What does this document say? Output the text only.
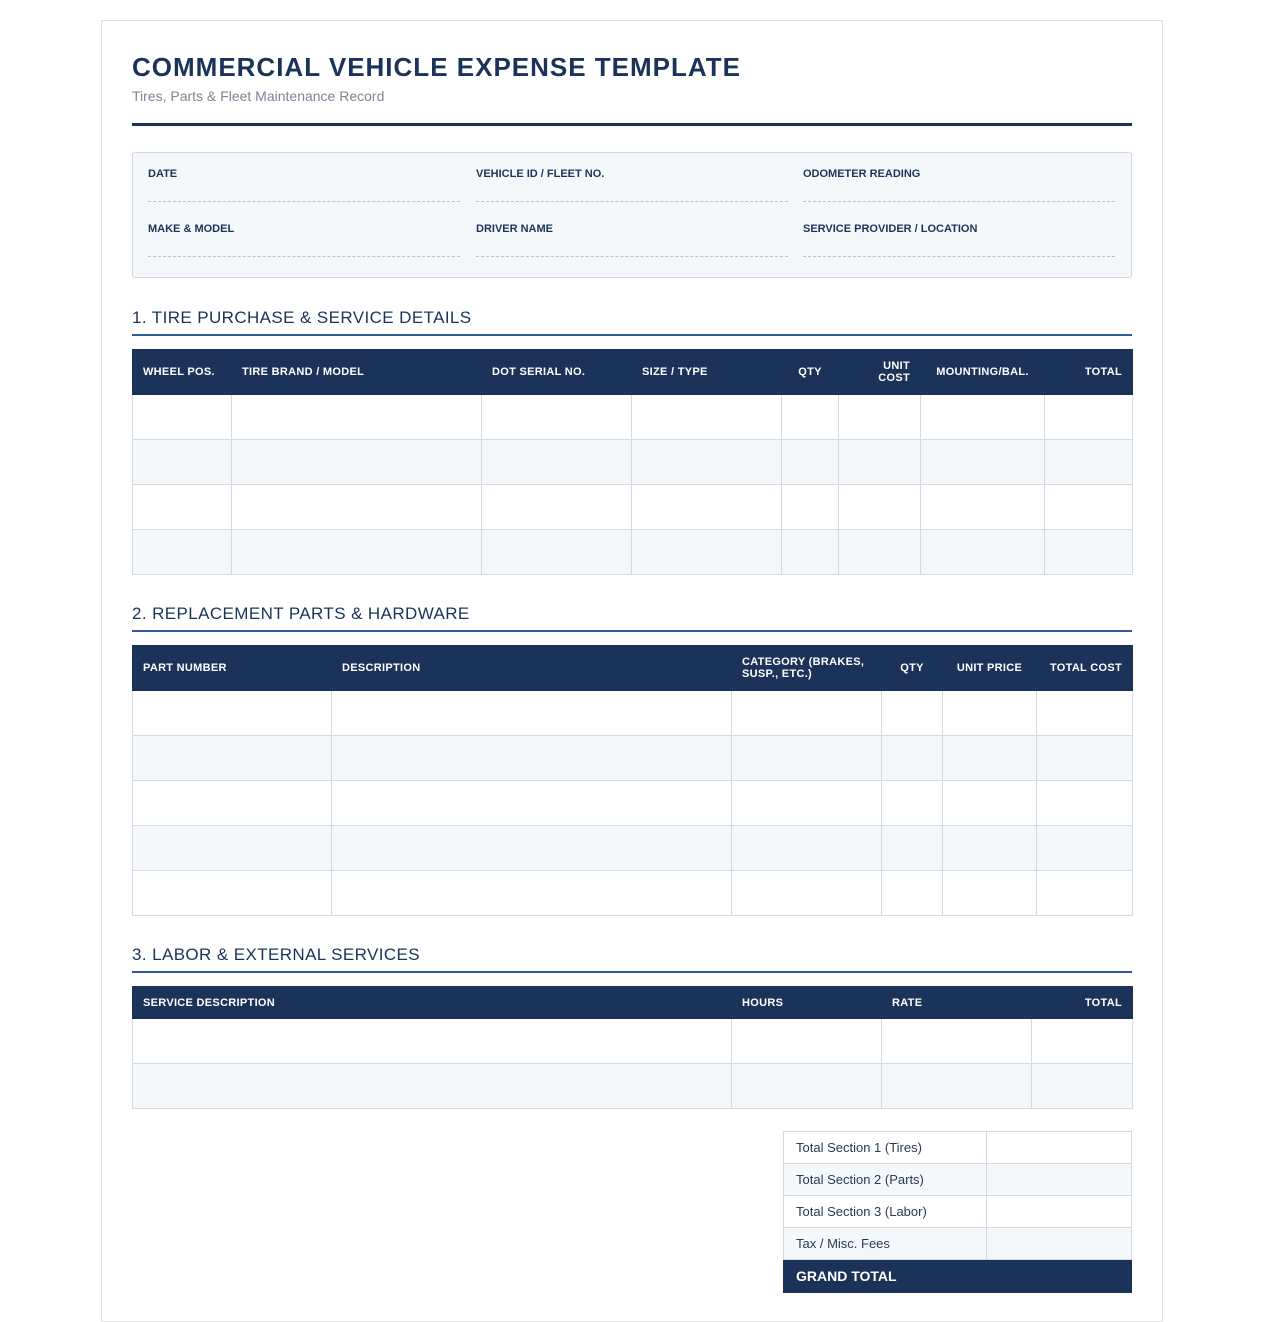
COMMERCIAL VEHICLE EXPENSE TEMPLATE
Tires, Parts & Fleet Maintenance Record
DATE	VEHICLE ID / FLEET NO.	ODOMETER READING
MAKE & MODEL	DRIVER NAME	SERVICE PROVIDER / LOCATION
1. TIRE PURCHASE & SERVICE DETAILS
WHEEL POS.	TIRE BRAND / MODEL	DOT SERIAL NO.	SIZE / TYPE	QTY	UNIT COST	MOUNTING/BAL.	TOTAL

2. REPLACEMENT PARTS & HARDWARE
PART NUMBER	DESCRIPTION	CATEGORY (BRAKES, SUSP., ETC.)	QTY	UNIT PRICE	TOTAL COST

3. LABOR & EXTERNAL SERVICES
SERVICE DESCRIPTION	HOURS	RATE	TOTAL

Total Section 1 (Tires)	
Total Section 2 (Parts)	
Total Section 3 (Labor)	
Tax / Misc. Fees	
GRAND TOTAL	
